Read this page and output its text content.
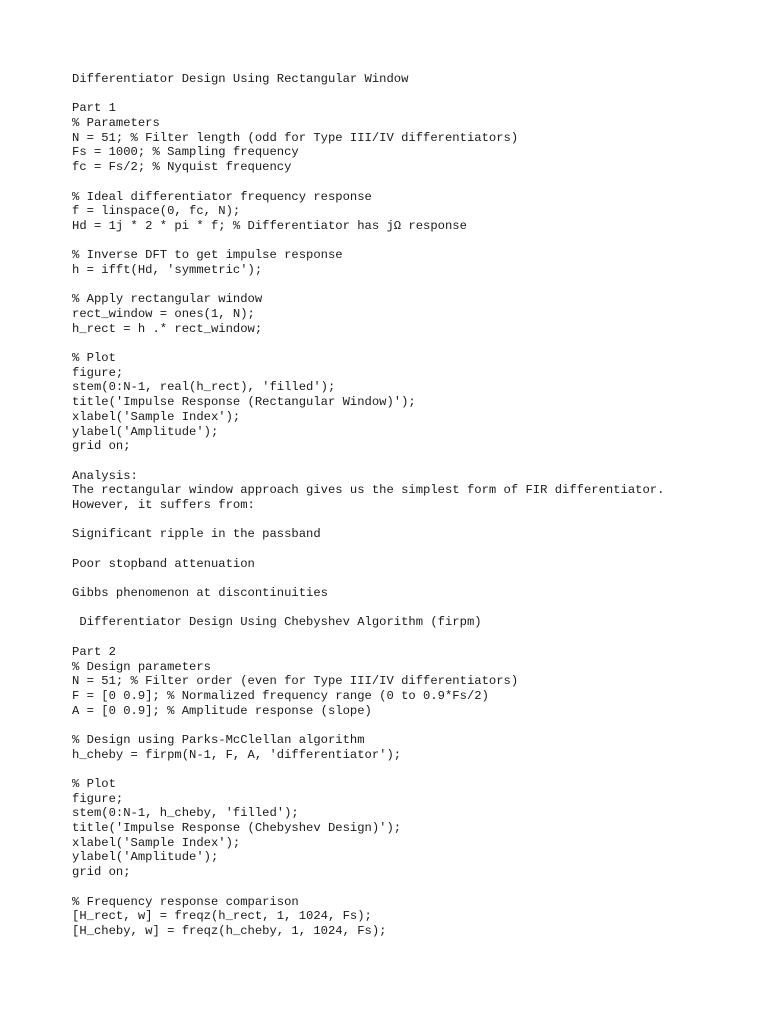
Differentiator Design Using Rectangular Window
Part 1
% Parameters
N = 51; % Filter length (odd for Type III/IV differentiators)
Fs = 1000; % Sampling frequency
fc = Fs/2; % Nyquist frequency
% Ideal differentiator frequency response
f = linspace(0, fc, N);
Hd = 1j * 2 * pi * f; % Differentiator has jΩ response
% Inverse DFT to get impulse response
h = ifft(Hd, 'symmetric');
% Apply rectangular window
rect_window = ones(1, N);
h_rect = h .* rect_window;
% Plot
figure;
stem(0:N-1, real(h_rect), 'filled');
title('Impulse Response (Rectangular Window)');
xlabel('Sample Index');
ylabel('Amplitude');
grid on;
Analysis:
The rectangular window approach gives us the simplest form of FIR differentiator.
However, it suffers from:
Significant ripple in the passband
Poor stopband attenuation
Gibbs phenomenon at discontinuities
Differentiator Design Using Chebyshev Algorithm (firpm)
Part 2
% Design parameters
N = 51; % Filter order (even for Type III/IV differentiators)
F = [0 0.9]; % Normalized frequency range (0 to 0.9*Fs/2)
A = [0 0.9]; % Amplitude response (slope)
% Design using Parks-McClellan algorithm
h_cheby = firpm(N-1, F, A, 'differentiator');
% Plot
figure;
stem(0:N-1, h_cheby, 'filled');
title('Impulse Response (Chebyshev Design)');
xlabel('Sample Index');
ylabel('Amplitude');
grid on;
% Frequency response comparison
[H_rect, w] = freqz(h_rect, 1, 1024, Fs);
[H_cheby, w] = freqz(h_cheby, 1, 1024, Fs);
